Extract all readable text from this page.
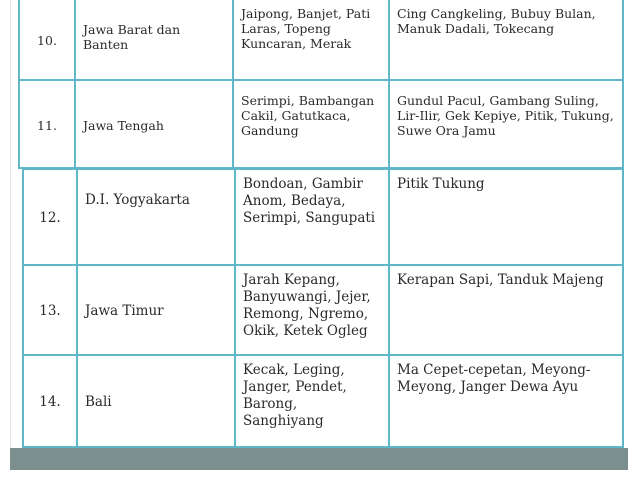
10.	Jawa Barat dan Banten	Jaipong, Banjet, Pati Laras, Topeng Kuncaran, Merak	Cing Cangkeling, Bubuy Bulan, Manuk Dadali, Tokecang
11.	Jawa Tengah	Serimpi, Bambangan Cakil, Gatutkaca, Gandung	Gundul Pacul, Gambang Suling, Lir-Ilir, Gek Kepiye, Pitik, Tukung, Suwe Ora Jamu
12.	D.I. Yogyakarta	Bondoan, Gambir Anom, Bedaya, Serimpi, Sangupati	Pitik Tukung
13.	Jawa Timur	Jarah Kepang, Banyuwangi, Jejer, Remong, Ngremo, Okik, Ketek Ogleg	Kerapan Sapi, Tanduk Majeng
14.	Bali	Kecak, Leging, Janger, Pendet, Barong, Sanghiyang	Ma Cepet-cepetan, Meyong-Meyong, Janger Dewa Ayu
